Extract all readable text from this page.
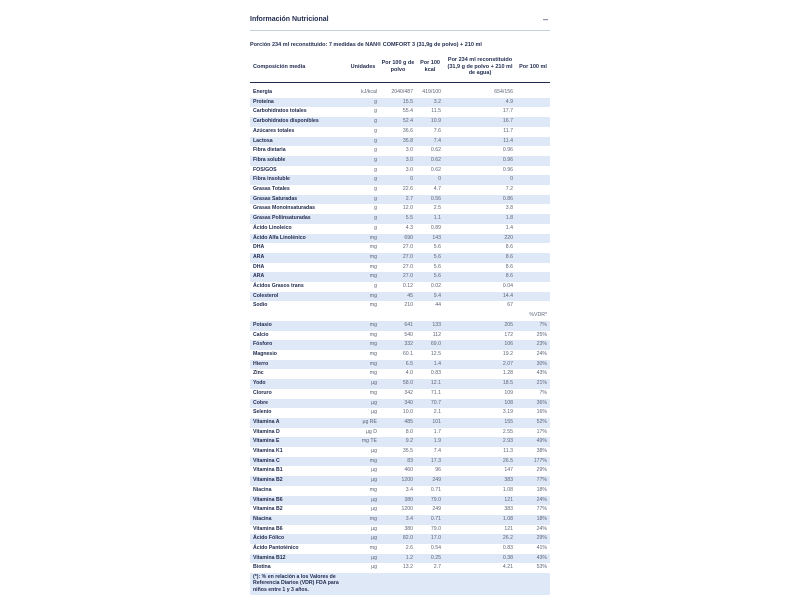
Información Nutricional	–
Porción 234 ml reconstituido: 7 medidas de NAN® COMFORT 3 (31,9g de polvo) + 210 ml
Composición media	Unidades	Por 100 g de polvo	Por 100 kcal	Por 234 ml reconstituido (31,9 g de polvo + 210 ml de agua)	Por 100 ml

Energía	kJ/kcal	2040/487	419/100	654/156	
Proteína	g	15.5	3.2	4.9	
Carbohidratos totales	g	55.4	11.5	17.7	
Carbohidratos disponibles	g	52.4	10.9	16.7	
Azúcares totales	g	36.6	7.6	11.7	
Lactosa	g	35.8	7.4	11.4	
Fibra dietaria	g	3.0	0.62	0.96	
Fibra soluble	g	3.0	0.62	0.96	
FOS/GOS	g	3.0	0.62	0.96	
Fibra insoluble	g	0	0	0	
Grasas Totales	g	22.6	4.7	7.2	
Grasas Saturadas	g	2.7	0.56	0.86	
Grasas Monoinsaturadas	g	12.0	2.5	3.8	
Grasas Poliinsaturadas	g	5.5	1.1	1.8	
Ácido Linoleico	g	4.3	0.89	1.4	
Ácido Alfa Linolénico	mg	690	143	220	
DHA	mg	27.0	5.6	8.6	
ARA	mg	27.0	5.6	8.6	
DHA	mg	27.0	5.6	8.6	
ARA	mg	27.0	5.6	8.6	
Ácidos Grasos trans	g	0.12	0.02	0.04	
Colesterol	mg	45	9.4	14.4	
Sodio	mg	210	44	67	
					%VDR*
Potasio	mg	641	133	205	7%
Calcio	mg	540	112	172	25%
Fósforo	mg	332	69.0	106	23%
Magnesio	mg	60.1	12.5	19.2	24%
Hierro	mg	6.5	1.4	2.07	30%
Zinc	mg	4.0	0.83	1.28	43%
Yodo	µg	58.0	12.1	18.5	21%
Cloruro	mg	342	71.1	109	7%
Cobre	µg	340	70.7	108	36%
Selenio	µg	10.0	2.1	3.19	16%
Vitamina A	µg RE	485	101	155	52%
Vitamina D	µg D	8.0	1.7	2.55	17%
Vitamina E	mg TE	9.2	1.9	2.93	49%
Vitamina K1	µg	35.5	7.4	11.3	38%
Vitamina C	mg	83	17.3	26.5	177%
Vitamina B1	µg	460	96	147	29%
Vitamina B2	µg	1200	249	383	77%
Niacina	mg	3.4	0.71	1.08	18%
Vitamina B6	µg	380	79.0	121	24%
Vitamina B2	µg	1200	249	383	77%
Niacina	mg	3.4	0.71	1.08	18%
Vitamina B6	µg	380	79.0	121	24%
Ácido Fólico	µg	82.0	17.0	26.2	29%
Ácido Pantoténico	mg	2.6	0.54	0.83	41%
Vitamina B12	µg	1.2	0.25	0.38	43%
Biotina	µg	13.2	2.7	4.21	53%
(*): % en relación a los Valores de Referencia Diarios (VDR) FDA para niños entre 1 y 3 años.					
